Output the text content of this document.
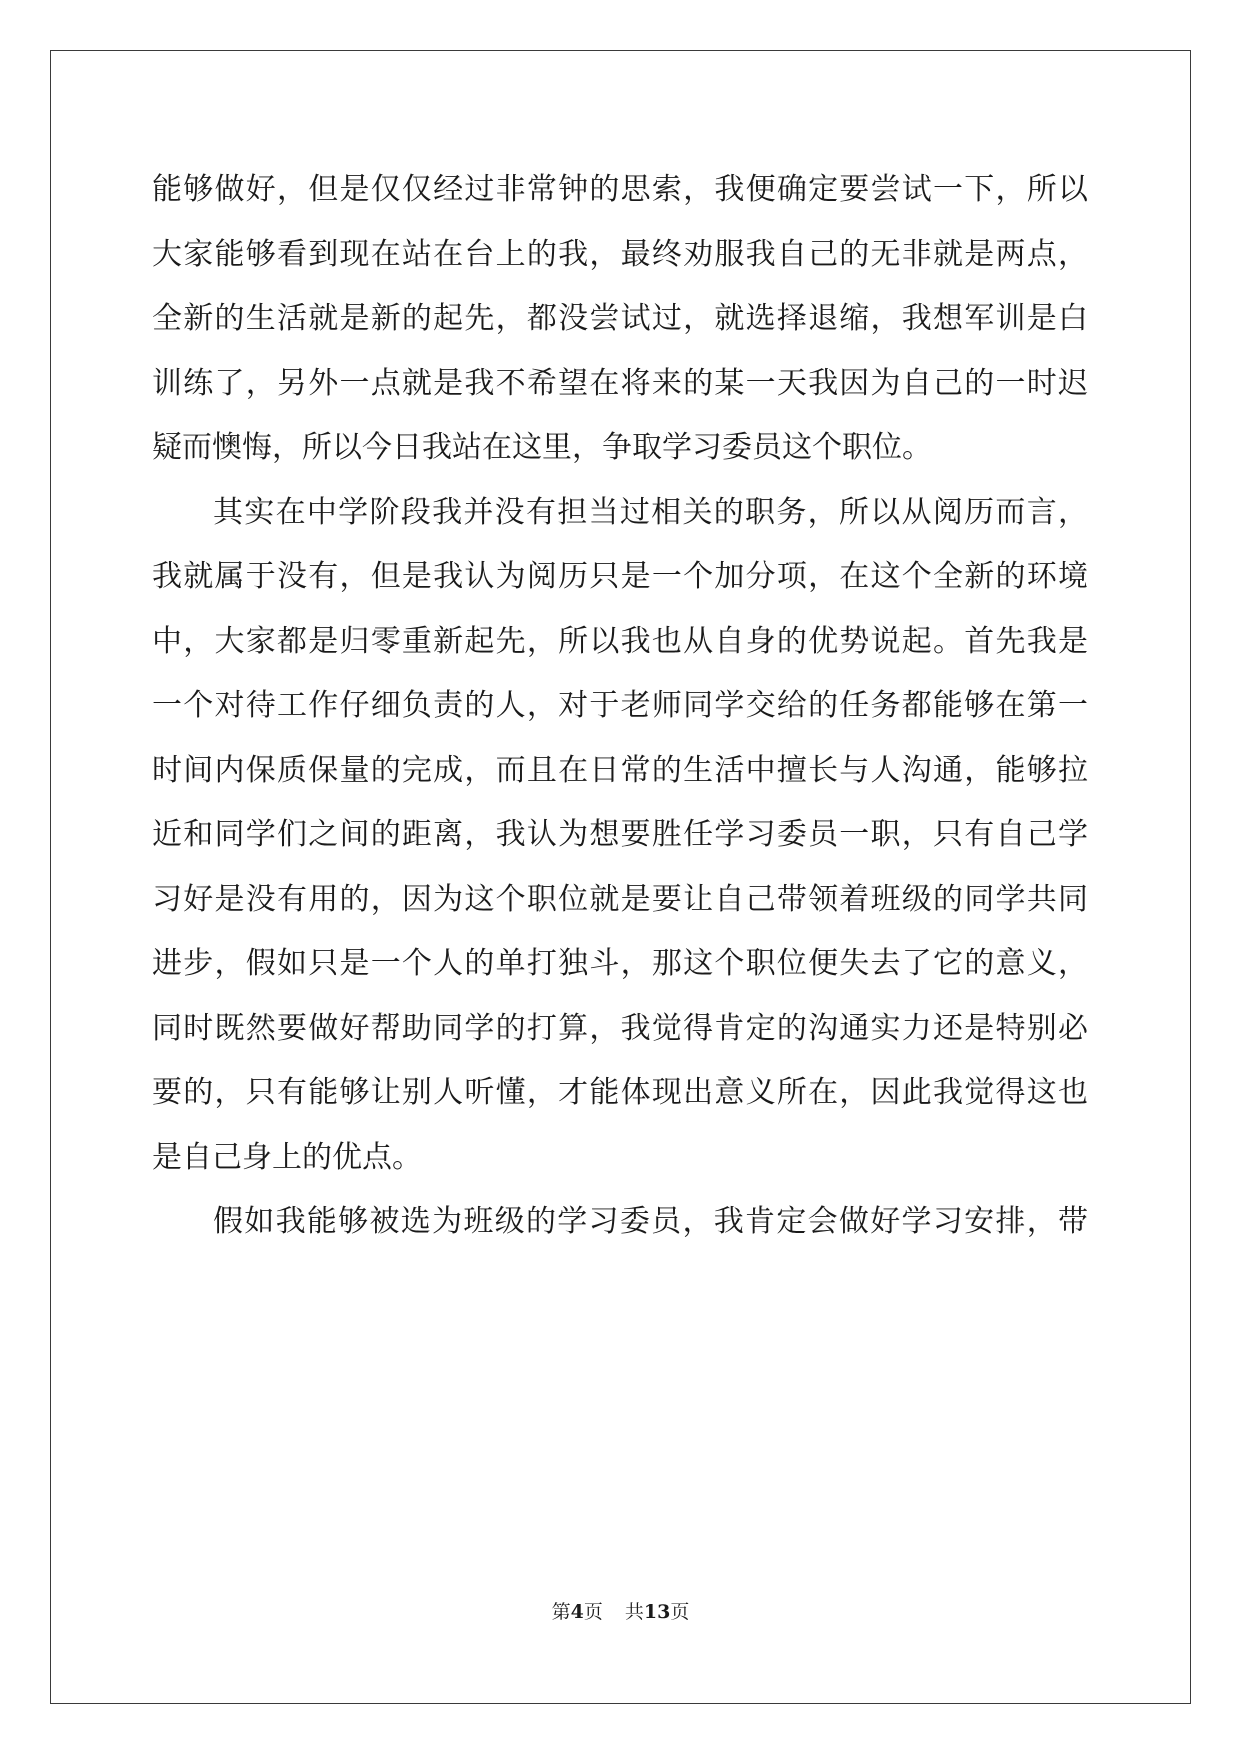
能够做好，但是仅仅经过非常钟的思索，我便确定要尝试一下，所以
大家能够看到现在站在台上的我，最终劝服我自己的无非就是两点，
全新的生活就是新的起先，都没尝试过，就选择退缩，我想军训是白
训练了，另外一点就是我不希望在将来的某一天我因为自己的一时迟
疑而懊悔，所以今日我站在这里，争取学习委员这个职位。
其实在中学阶段我并没有担当过相关的职务，所以从阅历而言，
我就属于没有，但是我认为阅历只是一个加分项，在这个全新的环境
中，大家都是归零重新起先，所以我也从自身的优势说起。首先我是
一个对待工作仔细负责的人，对于老师同学交给的任务都能够在第一
时间内保质保量的完成，而且在日常的生活中擅长与人沟通，能够拉
近和同学们之间的距离，我认为想要胜任学习委员一职，只有自己学
习好是没有用的，因为这个职位就是要让自己带领着班级的同学共同
进步，假如只是一个人的单打独斗，那这个职位便失去了它的意义，
同时既然要做好帮助同学的打算，我觉得肯定的沟通实力还是特别必
要的，只有能够让别人听懂，才能体现出意义所在，因此我觉得这也
是自己身上的优点。
假如我能够被选为班级的学习委员，我肯定会做好学习安排，带
第4页 共13页
